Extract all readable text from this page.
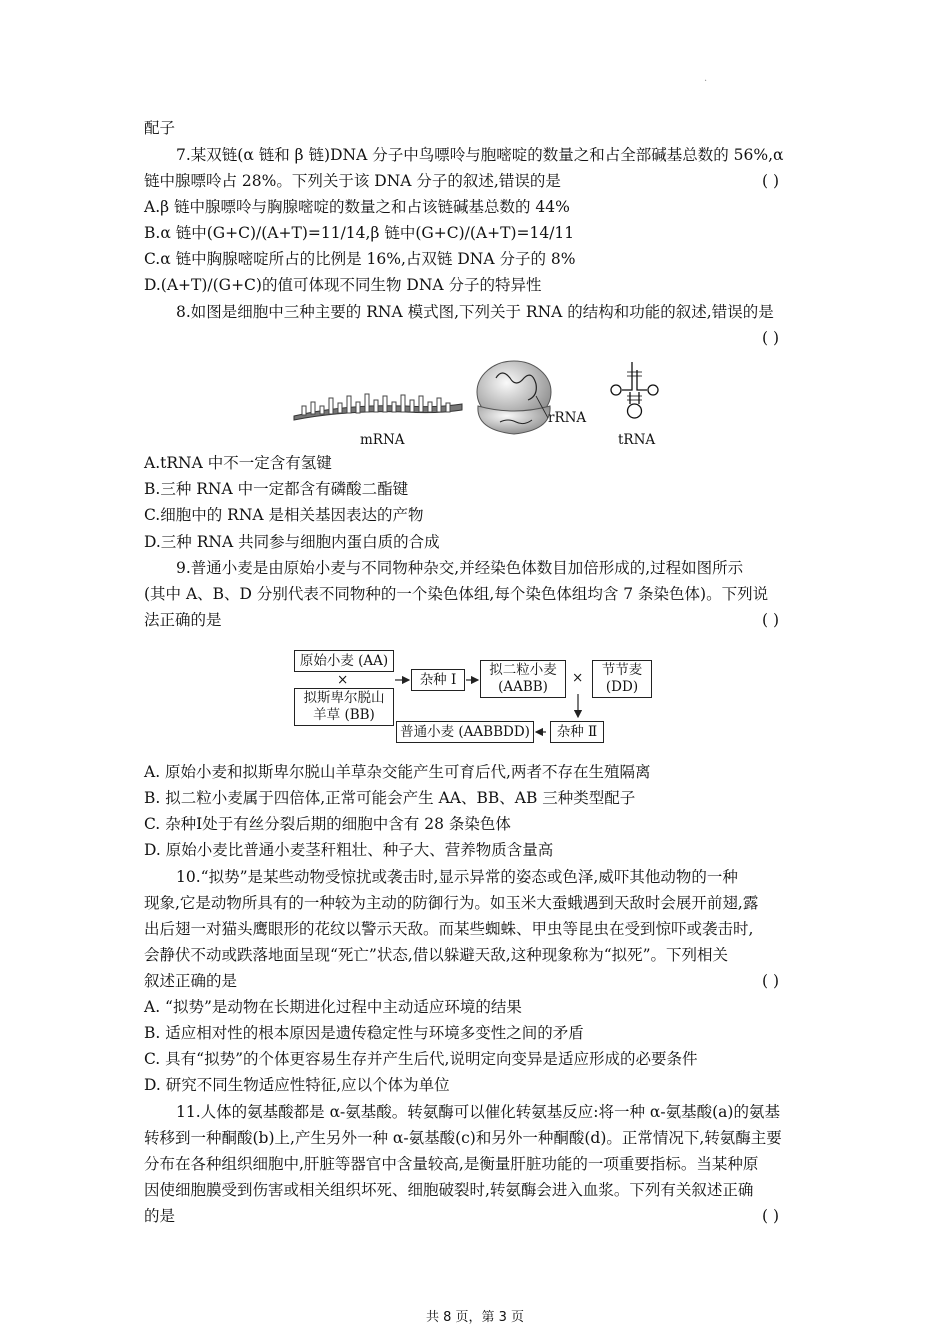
·
配子
7.某双链(α 链和 β 链)DNA 分子中鸟嘌呤与胞嘧啶的数量之和占全部碱基总数的 56%,α
链中腺嘌呤占 28%。下列关于该 DNA 分子的叙述,错误的是	( )
A.β 链中腺嘌呤与胸腺嘧啶的数量之和占该链碱基总数的 44%
B.α 链中(G+C)/(A+T)=11/14,β 链中(G+C)/(A+T)=14/11
C.α 链中胸腺嘧啶所占的比例是 16%,占双链 DNA 分子的 8%
D.(A+T)/(G+C)的值可体现不同生物 DNA 分子的特异性
8.如图是细胞中三种主要的 RNA 模式图,下列关于 RNA 的结构和功能的叙述,错误的是
( )
mRNA
rRNA
tRNA
A.tRNA 中不一定含有氢键
B.三种 RNA 中一定都含有磷酸二酯键
C.细胞中的 RNA 是相关基因表达的产物
D.三种 RNA 共同参与细胞内蛋白质的合成
9.普通小麦是由原始小麦与不同物种杂交,并经染色体数目加倍形成的,过程如图所示
(其中 A、B、D 分别代表不同物种的一个染色体组,每个染色体组均含 7 条染色体)。下列说
法正确的是	( )
原始小麦 (AA)
×
拟斯卑尔脱山
羊草 (BB)
杂种 Ⅰ
拟二粒小麦
(AABB)
× 节节麦
(DD)
杂种 Ⅱ
普通小麦 (AABBDD)
A. 原始小麦和拟斯卑尔脱山羊草杂交能产生可育后代,两者不存在生殖隔离
B. 拟二粒小麦属于四倍体,正常可能会产生 AA、BB、AB 三种类型配子
C. 杂种Ⅰ处于有丝分裂后期的细胞中含有 28 条染色体
D. 原始小麦比普通小麦茎秆粗壮、种子大、营养物质含量高
10.“拟势”是某些动物受惊扰或袭击时,显示异常的姿态或色泽,威吓其他动物的一种
现象,它是动物所具有的一种较为主动的防御行为。如玉米大蚕蛾遇到天敌时会展开前翅,露
出后翅一对猫头鹰眼形的花纹以警示天敌。而某些蜘蛛、甲虫等昆虫在受到惊吓或袭击时,
会静伏不动或跌落地面呈现“死亡”状态,借以躲避天敌,这种现象称为“拟死”。下列相关
叙述正确的是	( )
A. “拟势”是动物在长期进化过程中主动适应环境的结果
B. 适应相对性的根本原因是遗传稳定性与环境多变性之间的矛盾
C. 具有“拟势”的个体更容易生存并产生后代,说明定向变异是适应形成的必要条件
D. 研究不同生物适应性特征,应以个体为单位
11.人体的氨基酸都是 α-氨基酸。转氨酶可以催化转氨基反应:将一种 α-氨基酸(a)的氨基
转移到一种酮酸(b)上,产生另外一种 α-氨基酸(c)和另外一种酮酸(d)。正常情况下,转氨酶主要
分布在各种组织细胞中,肝脏等器官中含量较高,是衡量肝脏功能的一项重要指标。当某种原
因使细胞膜受到伤害或相关组织坏死、细胞破裂时,转氨酶会进入血浆。下列有关叙述正确
的是	( )
共 8 页，第 3 页
